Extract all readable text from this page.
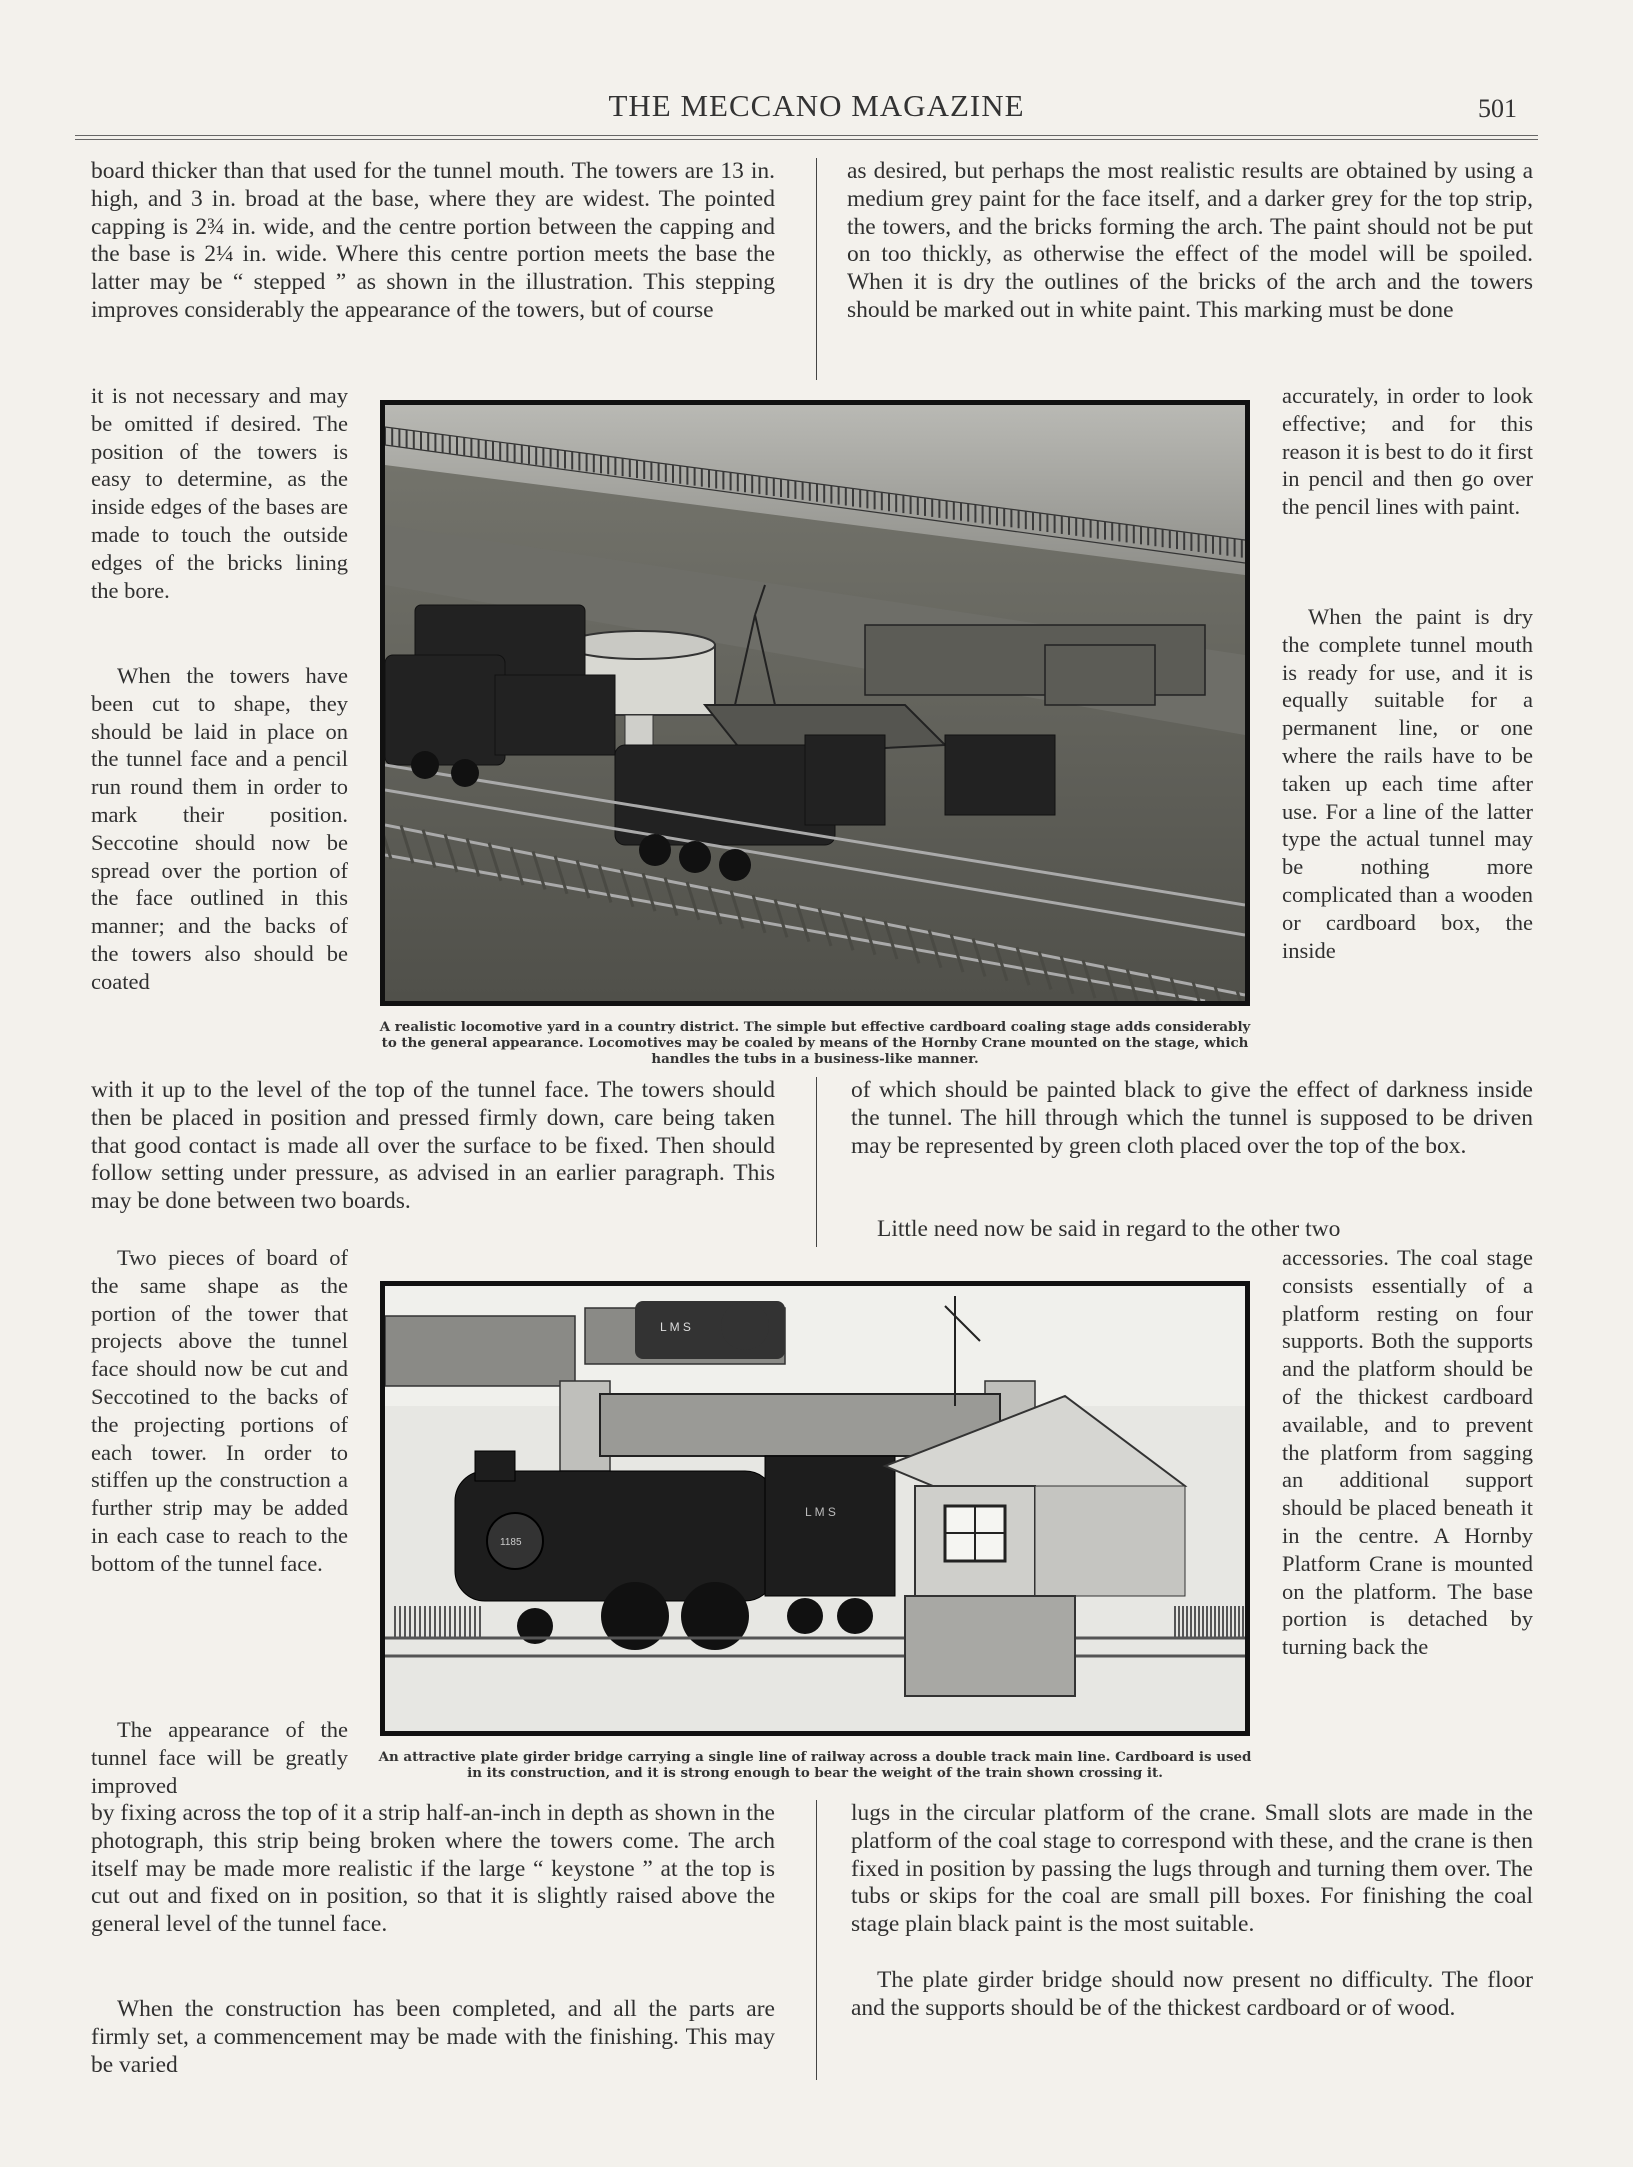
THE MECCANO MAGAZINE	501

board thicker than that used for the tunnel mouth. The towers are 13 in. high, and 3 in. broad at the base, where they are widest. The pointed capping is 2¾ in. wide, and the centre portion between the capping and the base is 2¼ in. wide. Where this centre portion meets the base the latter may be “ stepped ” as shown in the illustration. This stepping improves considerably the appearance of the towers, but of course

it is not necessary and may be omitted if desired. The position of the towers is easy to determine, as the inside edges of the bases are made to touch the outside edges of the bricks lining the bore.

When the towers have been cut to shape, they should be laid in place on the tunnel face and a pencil run round them in order to mark their position. Seccotine should now be spread over the portion of the face outlined in this manner; and the backs of the towers also should be coated

with it up to the level of the top of the tunnel face. The towers should then be placed in position and pressed firmly down, care being taken that good contact is made all over the surface to be fixed. Then should follow setting under pressure, as advised in an earlier paragraph. This may be done between two boards.

Two pieces of board of the same shape as the portion of the tower that projects above the tunnel face should now be cut and Seccotined to the backs of the projecting portions of each tower. In order to stiffen up the construction a further strip may be added in each case to reach to the bottom of the tunnel face.

The appearance of the tunnel face will be greatly improved

by fixing across the top of it a strip half-an-inch in depth as shown in the photograph, this strip being broken where the towers come. The arch itself may be made more realistic if the large “ keystone ” at the top is cut out and fixed on in position, so that it is slightly raised above the general level of the tunnel face.

When the construction has been completed, and all the parts are firmly set, a commencement may be made with the finishing. This may be varied

as desired, but perhaps the most realistic results are obtained by using a medium grey paint for the face itself, and a darker grey for the top strip, the towers, and the bricks forming the arch. The paint should not be put on too thickly, as otherwise the effect of the model will be spoiled. When it is dry the outlines of the bricks of the arch and the towers should be marked out in white paint. This marking must be done

accurately, in order to look effective; and for this reason it is best to do it first in pencil and then go over the pencil lines with paint.

When the paint is dry the complete tunnel mouth is ready for use, and it is equally suitable for a permanent line, or one where the rails have to be taken up each time after use. For a line of the latter type the actual tunnel may be nothing more complicated than a wooden or cardboard box, the inside

of which should be painted black to give the effect of darkness inside the tunnel. The hill through which the tunnel is supposed to be driven may be represented by green cloth placed over the top of the box.

Little need now be said in regard to the other two

accessories. The coal stage consists essentially of a platform resting on four supports. Both the supports and the platform should be of the thickest cardboard available, and to prevent the platform from sagging an additional support should be placed beneath it in the centre. A Hornby Platform Crane is mounted on the platform. The base portion is detached by turning back the

lugs in the circular platform of the crane. Small slots are made in the platform of the coal stage to correspond with these, and the crane is then fixed in position by passing the lugs through and turning them over. The tubs or skips for the coal are small pill boxes. For finishing the coal stage plain black paint is the most suitable.

The plate girder bridge should now present no difficulty. The floor and the supports should be of the thickest cardboard or of wood.

A realistic locomotive yard in a country district. The simple but effective cardboard coaling stage adds considerably to the general appearance. Locomotives may be coaled by means of the Hornby Crane mounted on the stage, which handles the tubs in a business-like manner.
L M S
1185
L M S
An attractive plate girder bridge carrying a single line of railway across a double track main line. Cardboard is used in its construction, and it is strong enough to bear the weight of the train shown crossing it.
